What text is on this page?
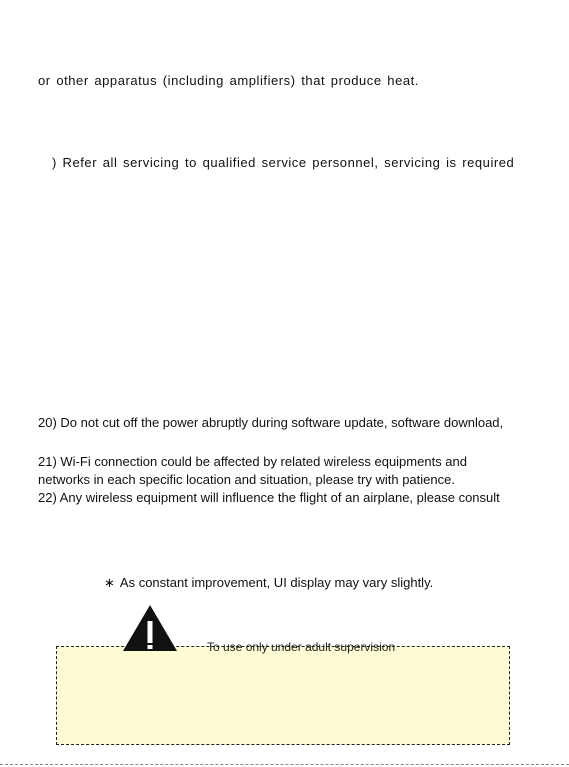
or other apparatus (including amplifiers) that produce heat.
) Refer all servicing to qualified service personnel, servicing is required
20) Do not cut off the power abruptly during software update, software download,
21) Wi-Fi connection could be affected by related wireless equipments and
networks in each specific location and situation, please try with patience.
22) Any wireless equipment will influence the flight of an airplane, please consult
∗ As constant improvement, UI display may vary slightly.
To use only under adult supervision
